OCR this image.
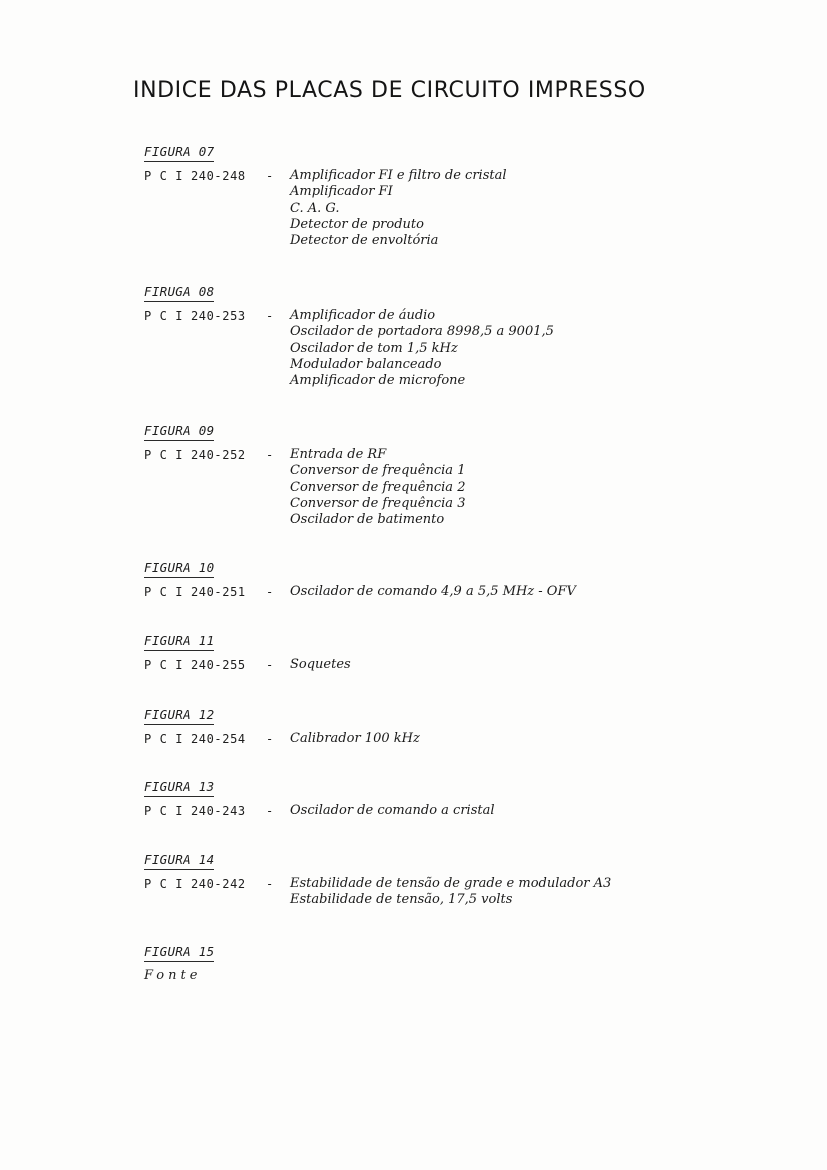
INDICE DAS PLACAS DE CIRCUITO IMPRESSO
FIGURA 07
P C I 240-248 - Amplificador FI e filtro de cristal
Amplificador FI
C. A. G.
Detector de produto
Detector de envoltória
FIRUGA 08
P C I 240-253 - Amplificador de áudio
Oscilador de portadora 8998,5 a 9001,5
Oscilador de tom 1,5 kHz
Modulador balanceado
Amplificador de microfone
FIGURA 09
P C I 240-252 - Entrada de RF
Conversor de frequência 1
Conversor de frequência 2
Conversor de frequência 3
Oscilador de batimento
FIGURA 10
P C I 240-251 - Oscilador de comando 4,9 a 5,5 MHz - OFV
FIGURA 11
P C I 240-255 - Soquetes
FIGURA 12
P C I 240-254 - Calibrador 100 kHz
FIGURA 13
P C I 240-243 - Oscilador de comando a cristal
FIGURA 14
P C I 240-242 - Estabilidade de tensão de grade e modulador A3
Estabilidade de tensão, 17,5 volts
FIGURA 15
Fonte
